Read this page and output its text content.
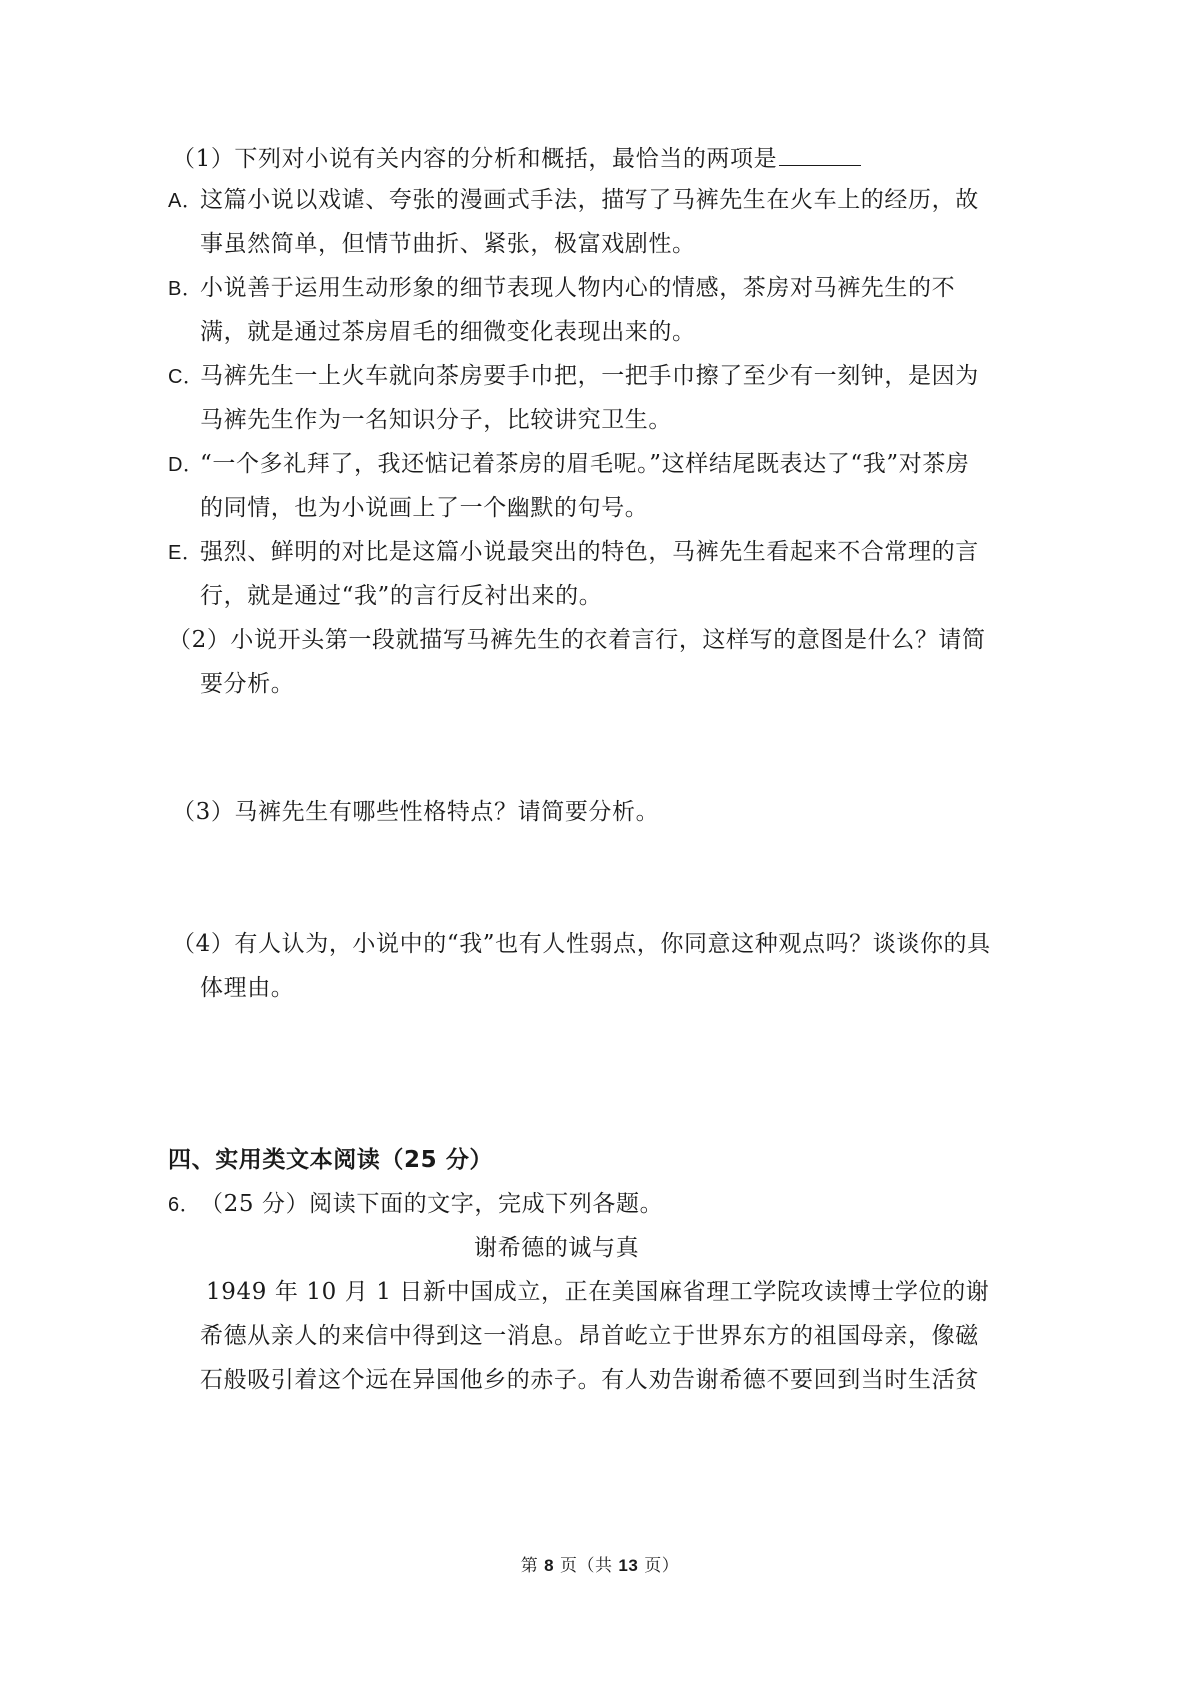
（1）下列对小说有关内容的分析和概括，最恰当的两项是
A．这篇小说以戏谑、夸张的漫画式手法，描写了马裤先生在火车上的经历，故
事虽然简单，但情节曲折、紧张，极富戏剧性。
B．小说善于运用生动形象的细节表现人物内心的情感，茶房对马裤先生的不
满，就是通过茶房眉毛的细微变化表现出来的。
C．马裤先生一上火车就向茶房要手巾把，一把手巾擦了至少有一刻钟，是因为
马裤先生作为一名知识分子，比较讲究卫生。
D．“一个多礼拜了，我还惦记着茶房的眉毛呢。”这样结尾既表达了“我”对茶房
的同情，也为小说画上了一个幽默的句号。
E．强烈、鲜明的对比是这篇小说最突出的特色，马裤先生看起来不合常理的言
行，就是通过“我”的言行反衬出来的。
（2）小说开头第一段就描写马裤先生的衣着言行，这样写的意图是什么？请简
要分析。
（3）马裤先生有哪些性格特点？请简要分析。
（4）有人认为，小说中的“我”也有人性弱点，你同意这种观点吗？谈谈你的具
体理由。
四、实用类文本阅读（25 分）
6．（25 分）阅读下面的文字，完成下列各题。
谢希德的诚与真
1949 年 10 月 1 日新中国成立，正在美国麻省理工学院攻读博士学位的谢
希德从亲人的来信中得到这一消息。昂首屹立于世界东方的祖国母亲，像磁
石般吸引着这个远在异国他乡的赤子。有人劝告谢希德不要回到当时生活贫
第 8 页（共 13 页）
